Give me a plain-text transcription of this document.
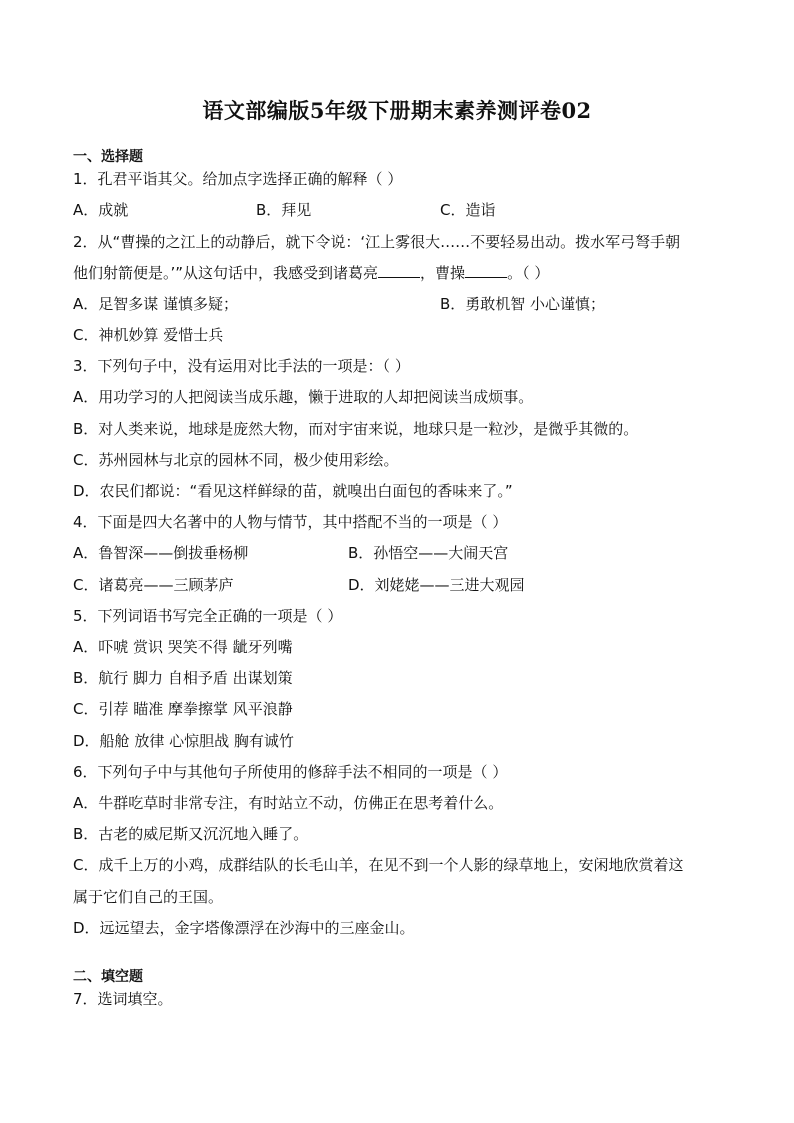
语文部编版5年级下册期末素养测评卷02
一、选择题
1．孔君平诣其父。给加点字选择正确的解释（ ）
A．成就	B．拜见	C．造诣
2．从“曹操的之江上的动静后，就下令说：‘江上雾很大……不要轻易出动。拨水军弓弩手朝
他们射箭便是。’”从这句话中，我感受到诸葛亮	，曹操	。（ ）
A．足智多谋 谨慎多疑；	B．勇敢机智 小心谨慎；
C．神机妙算 爱惜士兵
3．下列句子中，没有运用对比手法的一项是：（ ）
A．用功学习的人把阅读当成乐趣，懒于进取的人却把阅读当成烦事。
B．对人类来说，地球是庞然大物，而对宇宙来说，地球只是一粒沙，是微乎其微的。
C．苏州园林与北京的园林不同，极少使用彩绘。
D．农民们都说：“看见这样鲜绿的苗，就嗅出白面包的香味来了。”
4．下面是四大名著中的人物与情节，其中搭配不当的一项是（ ）
A．鲁智深——倒拔垂杨柳	B．孙悟空——大闹天宫
C．诸葛亮——三顾茅庐	D．刘姥姥——三进大观园
5．下列词语书写完全正确的一项是（ ）
A．吓唬 赏识 哭笑不得 龇牙列嘴
B．航行 脚力 自相予盾 出谋划策
C．引荐 瞄准 摩拳擦掌 风平浪静
D．船舱 放律 心惊胆战 胸有诚竹
6．下列句子中与其他句子所使用的修辞手法不相同的一项是（ ）
A．牛群吃草时非常专注，有时站立不动，仿佛正在思考着什么。
B．古老的威尼斯又沉沉地入睡了。
C．成千上万的小鸡，成群结队的长毛山羊，在见不到一个人影的绿草地上，安闲地欣赏着这
属于它们自己的王国。
D．远远望去，金字塔像漂浮在沙海中的三座金山。
二、填空题
7．选词填空。
